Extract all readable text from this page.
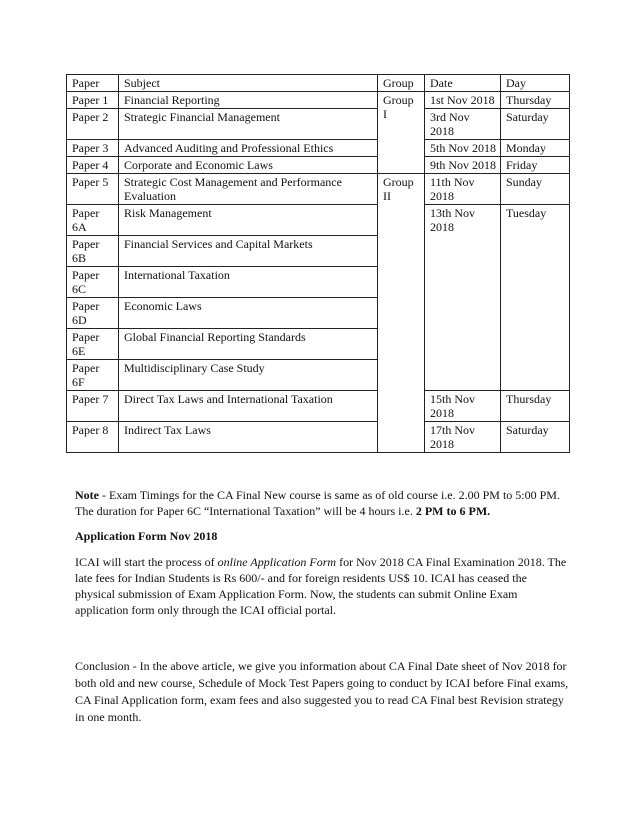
Paper	Subject	Group	Date	Day
Paper 1	Financial Reporting	Group I	1st Nov 2018	Thursday
Paper 2	Strategic Financial Management		3rd Nov 2018	Saturday
Paper 3	Advanced Auditing and Professional Ethics		5th Nov 2018	Monday
Paper 4	Corporate and Economic Laws		9th Nov 2018	Friday
Paper 5	Strategic Cost Management and Performance Evaluation	Group II	11th Nov 2018	Sunday
Paper 6A	Risk Management		13th Nov 2018	Tuesday
Paper 6B	Financial Services and Capital Markets			
Paper 6C	International Taxation			
Paper 6D	Economic Laws			
Paper 6E	Global Financial Reporting Standards			
Paper 6F	Multidisciplinary Case Study			
Paper 7	Direct Tax Laws and International Taxation		15th Nov 2018	Thursday
Paper 8	Indirect Tax Laws		17th Nov 2018	Saturday

Note - Exam Timings for the CA Final New course is same as of old course i.e. 2.00 PM to 5:00 PM. The duration for Paper 6C “International Taxation” will be 4 hours i.e. 2 PM to 6 PM.

Application Form Nov 2018

ICAI will start the process of online Application Form for Nov 2018 CA Final Examination 2018. The late fees for Indian Students is Rs 600/- and for foreign residents US$ 10. ICAI has ceased the physical submission of Exam Application Form. Now, the students can submit Online Exam application form only through the ICAI official portal.

Conclusion - In the above article, we give you information about CA Final Date sheet of Nov 2018 for both old and new course, Schedule of Mock Test Papers going to conduct by ICAI before Final exams, CA Final Application form, exam fees and also suggested you to read CA Final best Revision strategy in one month.
